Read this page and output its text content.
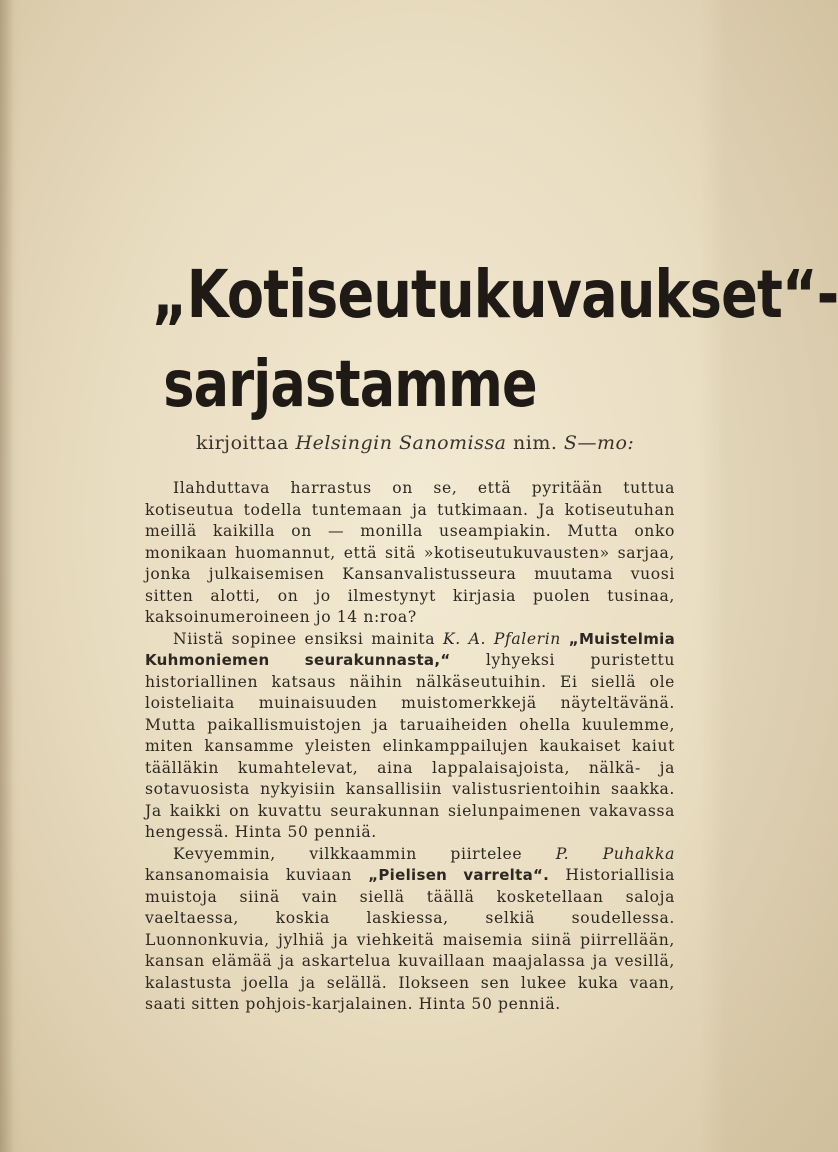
„Kotiseutukuvaukset“-
sarjastamme
kirjoittaa Helsingin Sanomissa nim. S—mo:

Ilahduttava harrastus on se, että pyritään tuttua kotiseutua todella tuntemaan ja tutkimaan. Ja kotiseutuhan meillä kaikilla on — monilla useampiakin. Mutta onko monikaan huomannut, että sitä »kotiseutukuvausten» sarjaa, jonka julkaisemisen Kansanvalistusseura muutama vuosi sitten alotti, on jo ilmestynyt kirjasia puolen tusinaa, kaksoinumeroineen jo 14 n:roa?

Niistä sopinee ensiksi mainita K. A. Pfalerin „Muistelmia Kuhmoniemen seurakunnasta,“ lyhyeksi puristettu historiallinen katsaus näihin nälkäseutuihin. Ei siellä ole loisteliaita muinaisuuden muistomerkkejä näyteltävänä. Mutta paikallismuistojen ja taruaiheiden ohella kuulemme, miten kansamme yleisten elinkamppailujen kaukaiset kaiut täälläkin kumahtelevat, aina lappalaisajoista, nälkä- ja sotavuosista nykyisiin kansallisiin valistusrientoihin saakka. Ja kaikki on kuvattu seurakunnan sielunpaimenen vakavassa hengessä. Hinta 50 penniä.

Kevyemmin, vilkkaammin piirtelee P. Puhakka kansanomaisia kuviaan „Pielisen varrelta“. Historiallisia muistoja siinä vain siellä täällä kosketellaan saloja vaeltaessa, koskia laskiessa, selkiä soudellessa. Luonnonkuvia, jylhiä ja viehkeitä maisemia siinä piirrellään, kansan elämää ja askartelua kuvaillaan maajalassa ja vesillä, kalastusta joella ja selällä. Ilokseen sen lukee kuka vaan, saati sitten pohjois-karjalainen. Hinta 50 penniä.
